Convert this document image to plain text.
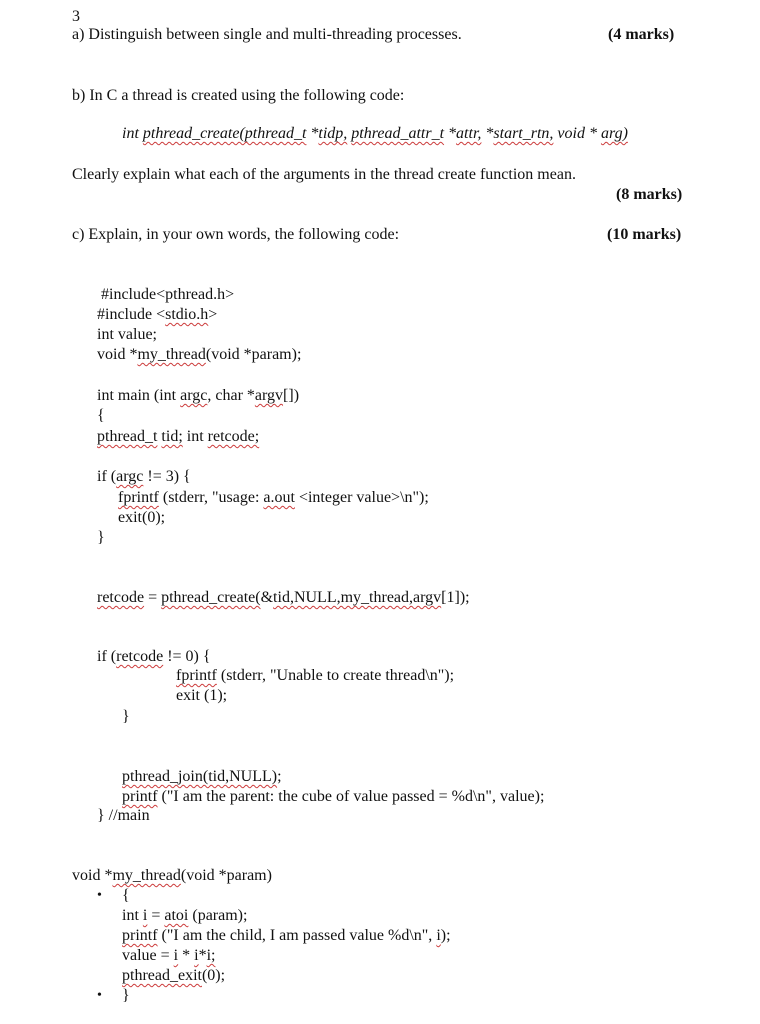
3
a) Distinguish between single and multi-threading processes.	(4 marks)
b) In C a thread is created using the following code:
int pthread_create(pthread_t *tidp, pthread_attr_t *attr, *start_rtn, void * arg)
Clearly explain what each of the arguments in the thread create function mean.
(8 marks)
c) Explain, in your own words, the following code:	(10 marks)
#include<pthread.h>
#include <stdio.h>
int value;
void *my_thread(void *param);
int main (int argc, char *argv[])
{
pthread_t tid; int retcode;
if (argc != 3) {
fprintf (stderr, "usage: a.out <integer value>\n");
exit(0);
}
retcode = pthread_create(&tid,NULL,my_thread,argv[1]);
if (retcode != 0) {
fprintf (stderr, "Unable to create thread\n");
exit (1);
}
pthread_join(tid,NULL);
printf ("I am the parent: the cube of value passed = %d\n", value);
} //main
void *my_thread(void *param)
• {
int i = atoi (param);
printf ("I am the child, I am passed value %d\n", i);
value = i * i*i;
pthread_exit(0);
• }
